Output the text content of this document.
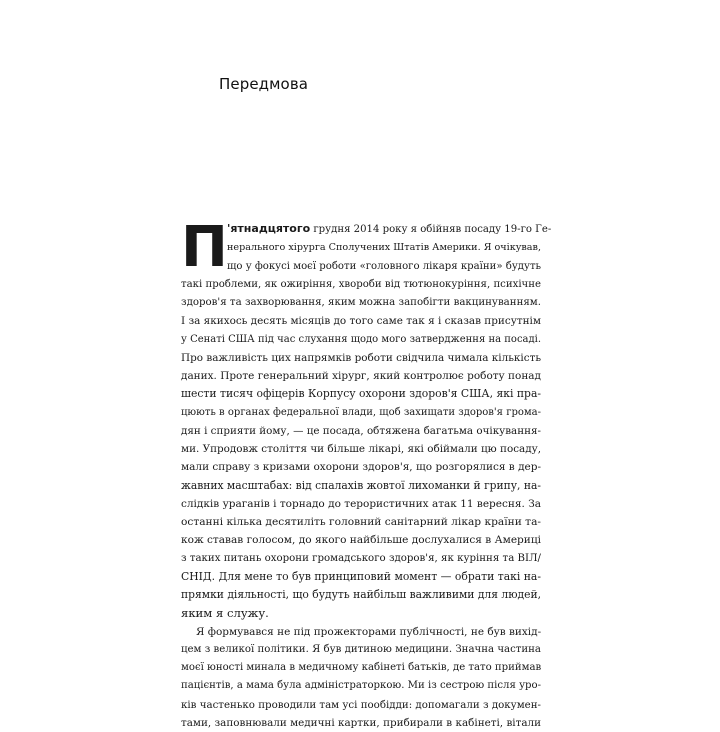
Передмова
П 'ятнадцятого грудня 2014 року я обійняв посаду 19-го Ге-
нерального хірурга Сполучених Штатів Америки. Я очікував,
що у фокусі моєї роботи «головного лікаря країни» будуть
такі проблеми, як ожиріння, хвороби від тютюнокуріння, психічне
здоров'я та захворювання, яким можна запобігти вакцинуванням.
І за якихось десять місяців до того саме так я і сказав присутнім
у Сенаті США під час слухання щодо мого затвердження на посаді.
Про важливість цих напрямків роботи свідчила чимала кількість
даних. Проте генеральний хірург, який контролює роботу понад
шести тисяч офіцерів Корпусу охорони здоров'я США, які пра-
цюють в органах федеральної влади, щоб захищати здоров'я грома-
дян і сприяти йому, — це посада, обтяжена багатьма очікування-
ми. Упродовж століття чи більше лікарі, які обіймали цю посаду,
мали справу з кризами охорони здоров'я, що розгорялися в дер-
жавних масштабах: від спалахів жовтої лихоманки й грипу, на-
слідків ураганів і торнадо до терористичних атак 11 вересня. За
останні кілька десятиліть головний санітарний лікар країни та-
кож ставав голосом, до якого найбільше дослухалися в Америці
з таких питань охорони громадського здоров'я, як куріння та ВІЛ/
СНІД. Для мене то був принциповий момент — обрати такі на-
прямки діяльності, що будуть найбільш важливими для людей,
яким я служу.
Я формувався не під прожекторами публічності, не був вихід-
цем з великої політики. Я був дитиною медицини. Значна частина
моєї юності минала в медичному кабінеті батьків, де тато приймав
пацієнтів, а мама була адміністраторкою. Ми із сестрою після уро-
ків частенько проводили там усі пообідди: допомагали з докумен-
тами, заповнювали медичні картки, прибирали в кабінеті, вітали
